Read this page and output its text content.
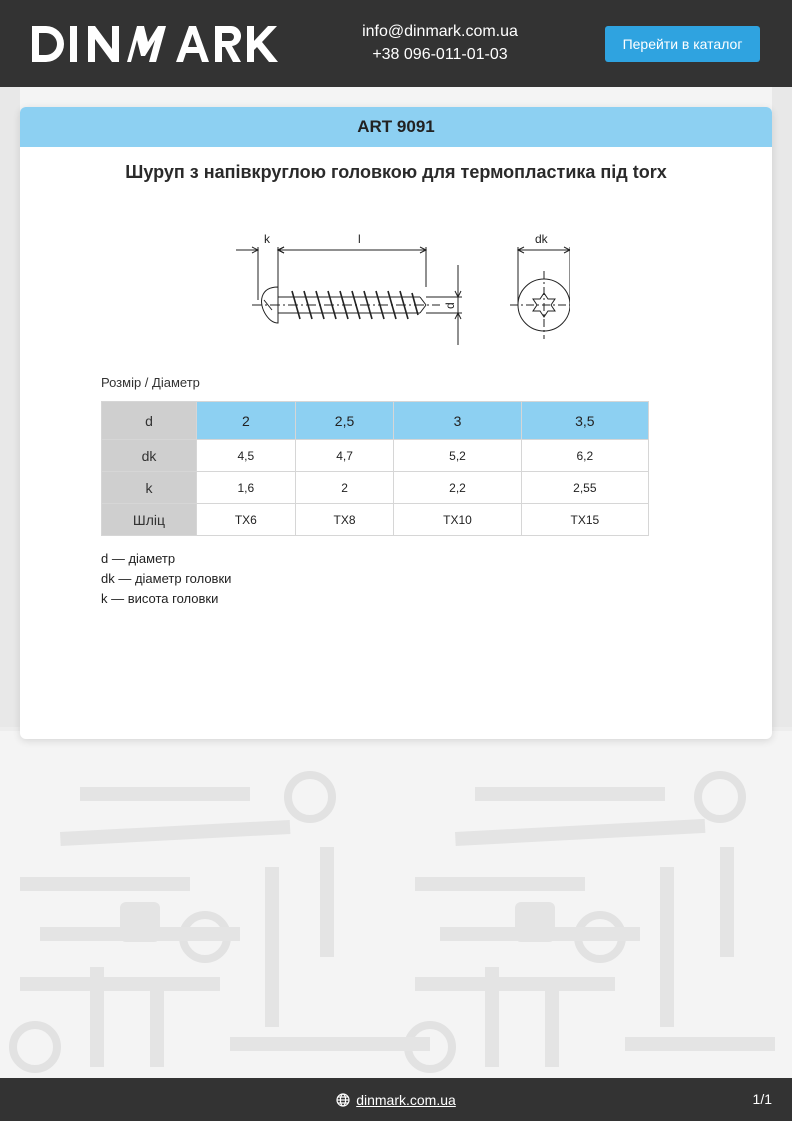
DINMARK	info@dinmark.com.ua
+38 096-011-01-03
Перейти в каталог
ART 9091
Шуруп з напівкруглою головкою для термопластика під torx
k	l
d
dk
Розмір / Діаметр
d	2	2,5	3	3,5
dk	4,5	4,7	5,2	6,2
k	1,6	2	2,2	2,55
Шліц	TX6	TX8	TX10	TX15
d — діаметр
dk — діаметр головки
k — висота головки
dinmark.com.ua	1/1
